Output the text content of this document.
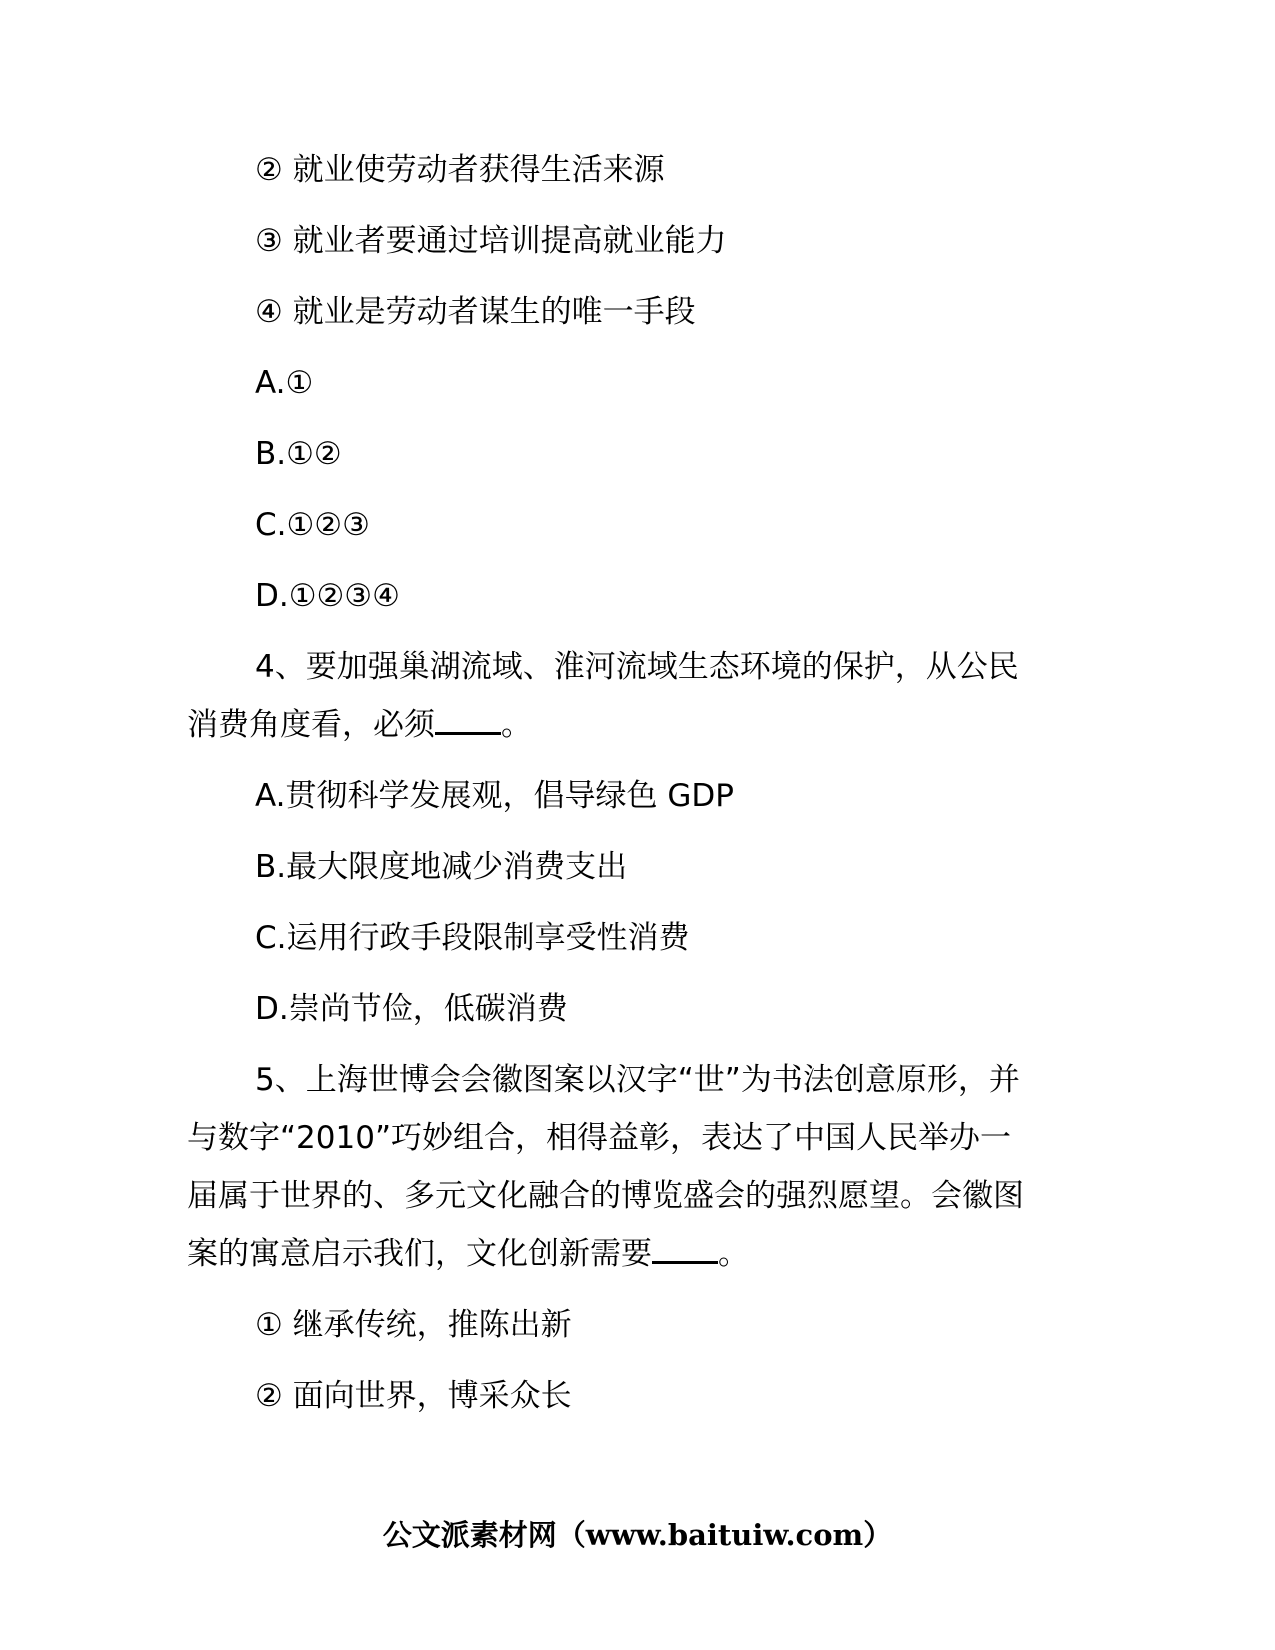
② 就业使劳动者获得生活来源
③ 就业者要通过培训提高就业能力
④ 就业是劳动者谋生的唯一手段
A.①
B.①②
C.①②③
D.①②③④
4、要加强巢湖流域、淮河流域生态环境的保护，从公民
消费角度看，必须 。
A.贯彻科学发展观，倡导绿色 GDP
B.最大限度地减少消费支出
C.运用行政手段限制享受性消费
D.崇尚节俭，低碳消费
5、上海世博会会徽图案以汉字“世”为书法创意原形，并
与数字“2010”巧妙组合，相得益彰，表达了中国人民举办一
届属于世界的、多元文化融合的博览盛会的强烈愿望。会徽图
案的寓意启示我们，文化创新需要 。
① 继承传统，推陈出新
② 面向世界，博采众长
公文派素材网（www.baituiw.com）
